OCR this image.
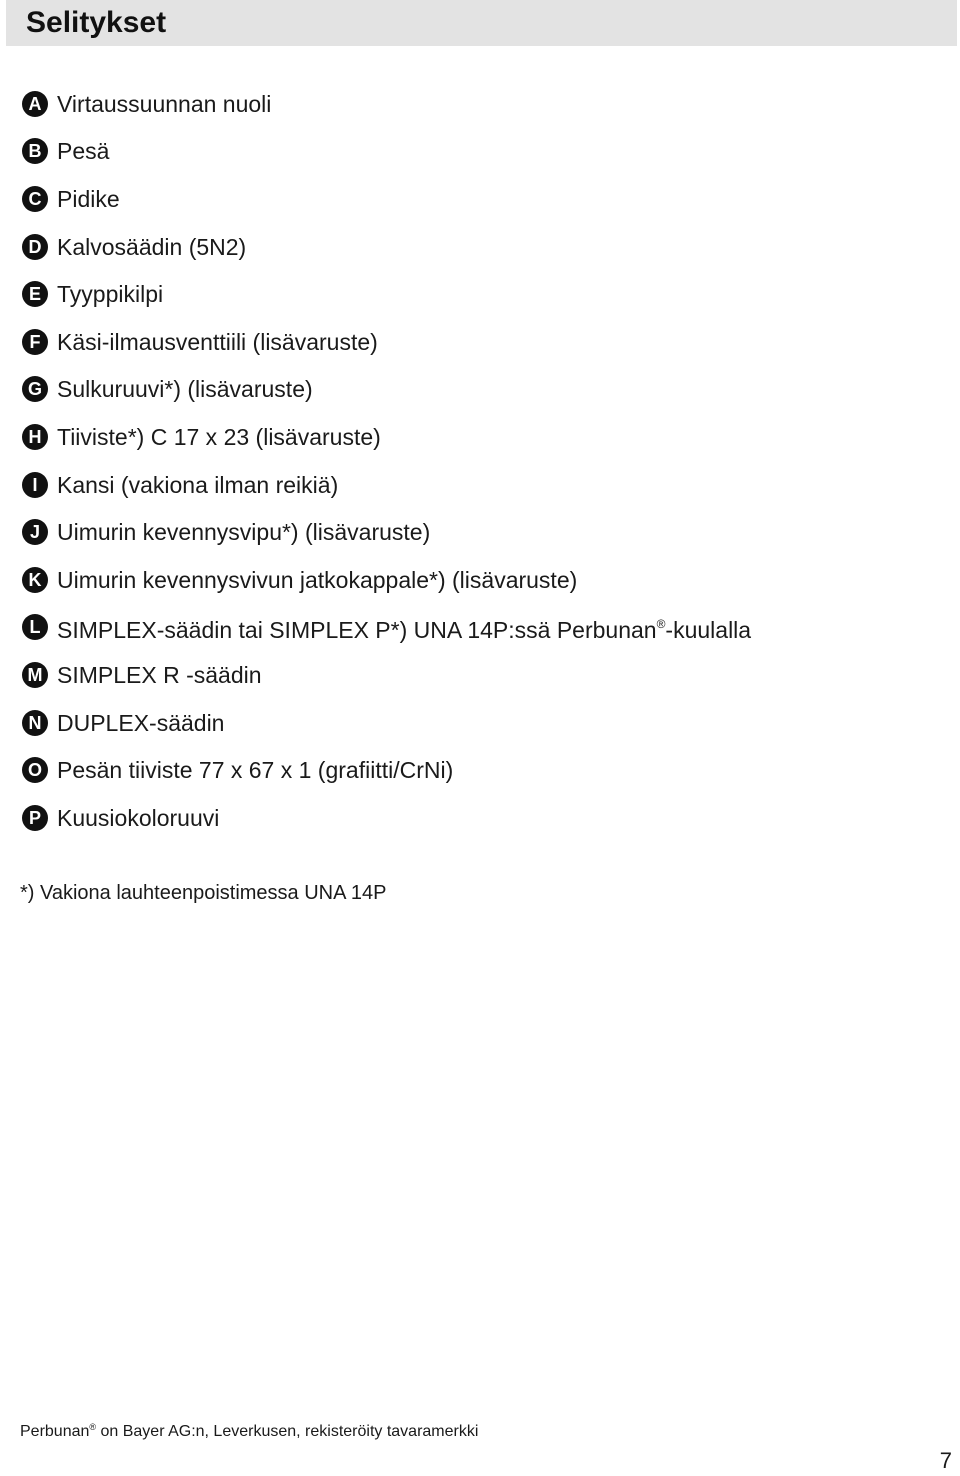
Selitykset
A Virtaussuunnan nuoli
B Pesä
C Pidike
D Kalvosäädin (5N2)
E Tyyppikilpi
F Käsi-ilmausventtiili (lisävaruste)
G Sulkuruuvi*) (lisävaruste)
H Tiiviste*) C 17 x 23 (lisävaruste)
I Kansi (vakiona ilman reikiä)
J Uimurin kevennysvipu*) (lisävaruste)
K Uimurin kevennysvivun jatkokappale*) (lisävaruste)
L SIMPLEX-säädin tai SIMPLEX P*) UNA 14P:ssä Perbunan®-kuulalla
M SIMPLEX R -säädin
N DUPLEX-säädin
O Pesän tiiviste 77 x 67 x 1 (grafiitti/CrNi)
P Kuusiokoloruuvi
*) Vakiona lauhteenpoistimessa UNA 14P
Perbunan® on Bayer AG:n, Leverkusen, rekisteröity tavaramerkki
7
